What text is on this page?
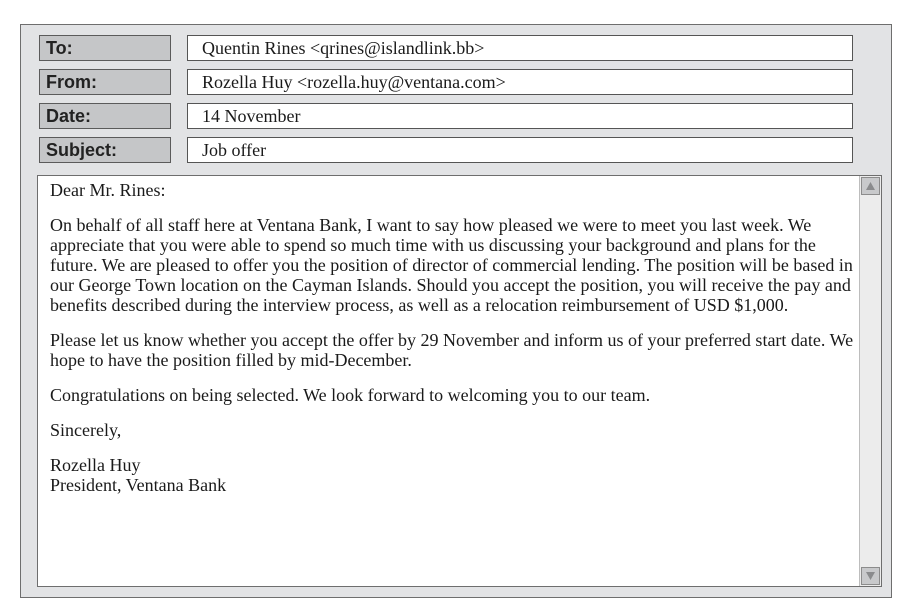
To:	Quentin Rines <qrines@islandlink.bb>
From:	Rozella Huy <rozella.huy@ventana.com>
Date:	14 November
Subject:	Job offer

Dear Mr. Rines:

On behalf of all staff here at Ventana Bank, I want to say how pleased we were to meet you last week. We appreciate that you were able to spend so much time with us discussing your background and plans for the future. We are pleased to offer you the position of director of commercial lending. The position will be based in our George Town location on the Cayman Islands. Should you accept the position, you will receive the pay and benefits described during the interview process, as well as a relocation reimbursement of USD $1,000.

Please let us know whether you accept the offer by 29 November and inform us of your preferred start date. We hope to have the position filled by mid-December.

Congratulations on being selected. We look forward to welcoming you to our team.

Sincerely,

Rozella Huy

President, Ventana Bank
